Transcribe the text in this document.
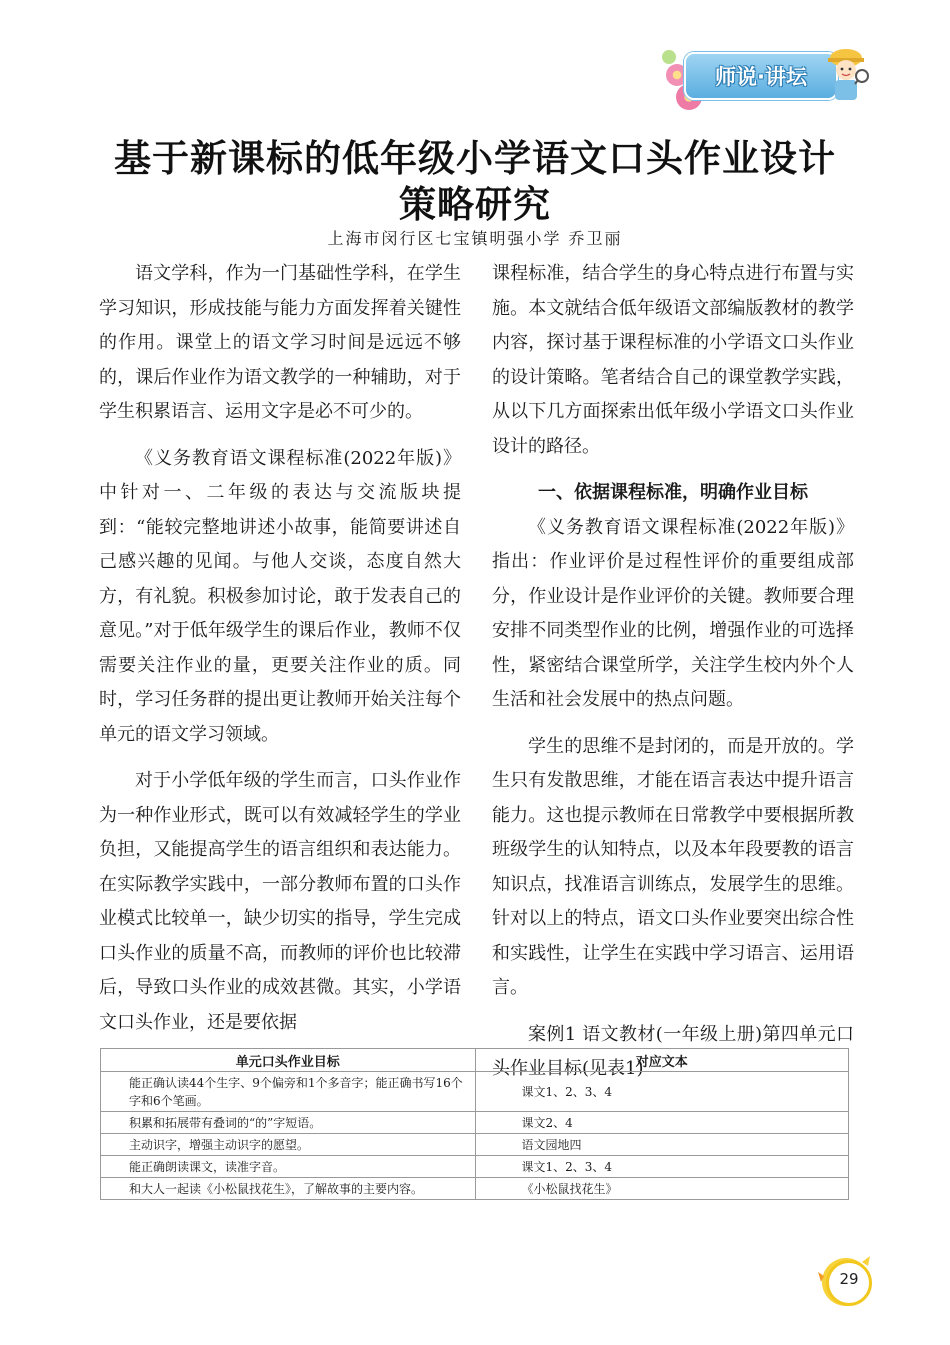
师说·讲坛
基于新课标的低年级小学语文口头作业设计
策略研究
上海市闵行区七宝镇明强小学 乔卫丽

语文学科，作为一门基础性学科，在学生学习知识，形成技能与能力方面发挥着关键性的作用。课堂上的语文学习时间是远远不够的，课后作业作为语文教学的一种辅助，对于学生积累语言、运用文字是必不可少的。

《义务教育语文课程标准(2022年版)》中针对一、二年级的表达与交流版块提到：“能较完整地讲述小故事，能简要讲述自己感兴趣的见闻。与他人交谈，态度自然大方，有礼貌。积极参加讨论，敢于发表自己的意见。”对于低年级学生的课后作业，教师不仅需要关注作业的量，更要关注作业的质。同时，学习任务群的提出更让教师开始关注每个单元的语文学习领域。

对于小学低年级的学生而言，口头作业作为一种作业形式，既可以有效减轻学生的学业负担，又能提高学生的语言组织和表达能力。在实际教学实践中，一部分教师布置的口头作业模式比较单一，缺少切实的指导，学生完成口头作业的质量不高，而教师的评价也比较滞后，导致口头作业的成效甚微。其实，小学语文口头作业，还是要依据

课程标准，结合学生的身心特点进行布置与实施。本文就结合低年级语文部编版教材的教学内容，探讨基于课程标准的小学语文口头作业的设计策略。笔者结合自己的课堂教学实践，从以下几方面探索出低年级小学语文口头作业设计的路径。

一、依据课程标准，明确作业目标

《义务教育语文课程标准(2022年版)》指出：作业评价是过程性评价的重要组成部分，作业设计是作业评价的关键。教师要合理安排不同类型作业的比例，增强作业的可选择性，紧密结合课堂所学，关注学生校内外个人生活和社会发展中的热点问题。

学生的思维不是封闭的，而是开放的。学生只有发散思维，才能在语言表达中提升语言能力。这也提示教师在日常教学中要根据所教班级学生的认知特点，以及本年段要教的语言知识点，找准语言训练点，发展学生的思维。针对以上的特点，语文口头作业要突出综合性和实践性，让学生在实践中学习语言、运用语言。

案例1 语文教材(一年级上册)第四单元口头作业目标(见表1)

单元口头作业目标	对应文本
能正确认读44个生字、9个偏旁和1个多音字；能正确书写16个字和6个笔画。	课文1、2、3、4
积累和拓展带有叠词的“的”字短语。	课文2、4
主动识字，增强主动识字的愿望。	语文园地四
能正确朗读课文，读准字音。	课文1、2、3、4
和大人一起读《小松鼠找花生》，了解故事的主要内容。	《小松鼠找花生》
29
